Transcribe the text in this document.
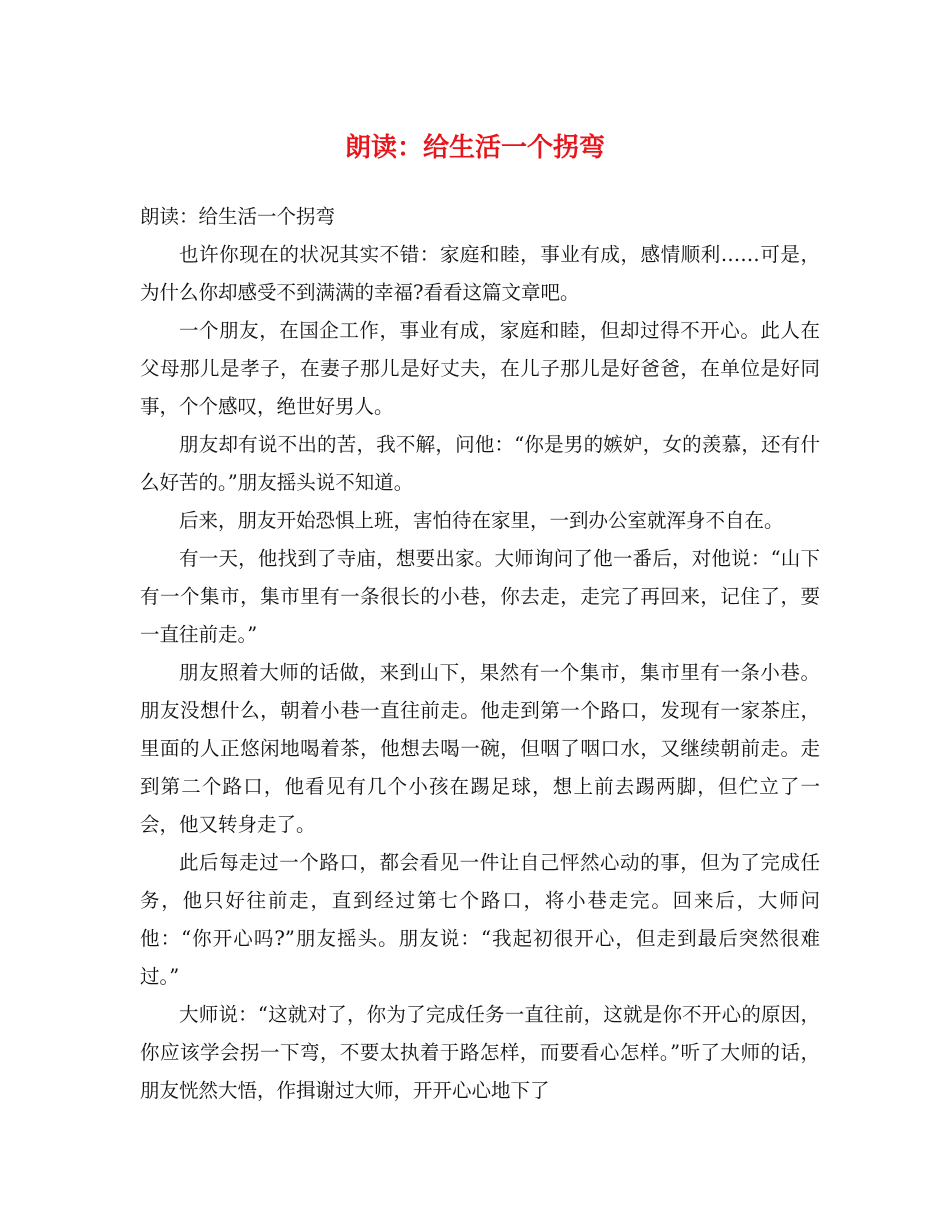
朗读：给生活一个拐弯

朗读：给生活一个拐弯

也许你现在的状况其实不错：家庭和睦，事业有成，感情顺利……可是，为什么你却感受不到满满的幸福?看看这篇文章吧。

一个朋友，在国企工作，事业有成，家庭和睦，但却过得不开心。此人在父母那儿是孝子，在妻子那儿是好丈夫，在儿子那儿是好爸爸，在单位是好同事，个个感叹，绝世好男人。

朋友却有说不出的苦，我不解，问他：“你是男的嫉妒，女的羡慕，还有什么好苦的。”朋友摇头说不知道。

后来，朋友开始恐惧上班，害怕待在家里，一到办公室就浑身不自在。

有一天，他找到了寺庙，想要出家。大师询问了他一番后，对他说：“山下有一个集市，集市里有一条很长的小巷，你去走，走完了再回来，记住了，要一直往前走。”

朋友照着大师的话做，来到山下，果然有一个集市，集市里有一条小巷。朋友没想什么，朝着小巷一直往前走。他走到第一个路口，发现有一家茶庄，里面的人正悠闲地喝着茶，他想去喝一碗，但咽了咽口水，又继续朝前走。走到第二个路口，他看见有几个小孩在踢足球，想上前去踢两脚，但伫立了一会，他又转身走了。

此后每走过一个路口，都会看见一件让自己怦然心动的事，但为了完成任务，他只好往前走，直到经过第七个路口，将小巷走完。回来后，大师问他：“你开心吗?”朋友摇头。朋友说：“我起初很开心，但走到最后突然很难过。”

大师说：“这就对了，你为了完成任务一直往前，这就是你不开心的原因，你应该学会拐一下弯，不要太执着于路怎样，而要看心怎样。”听了大师的话，朋友恍然大悟，作揖谢过大师，开开心心地下了
